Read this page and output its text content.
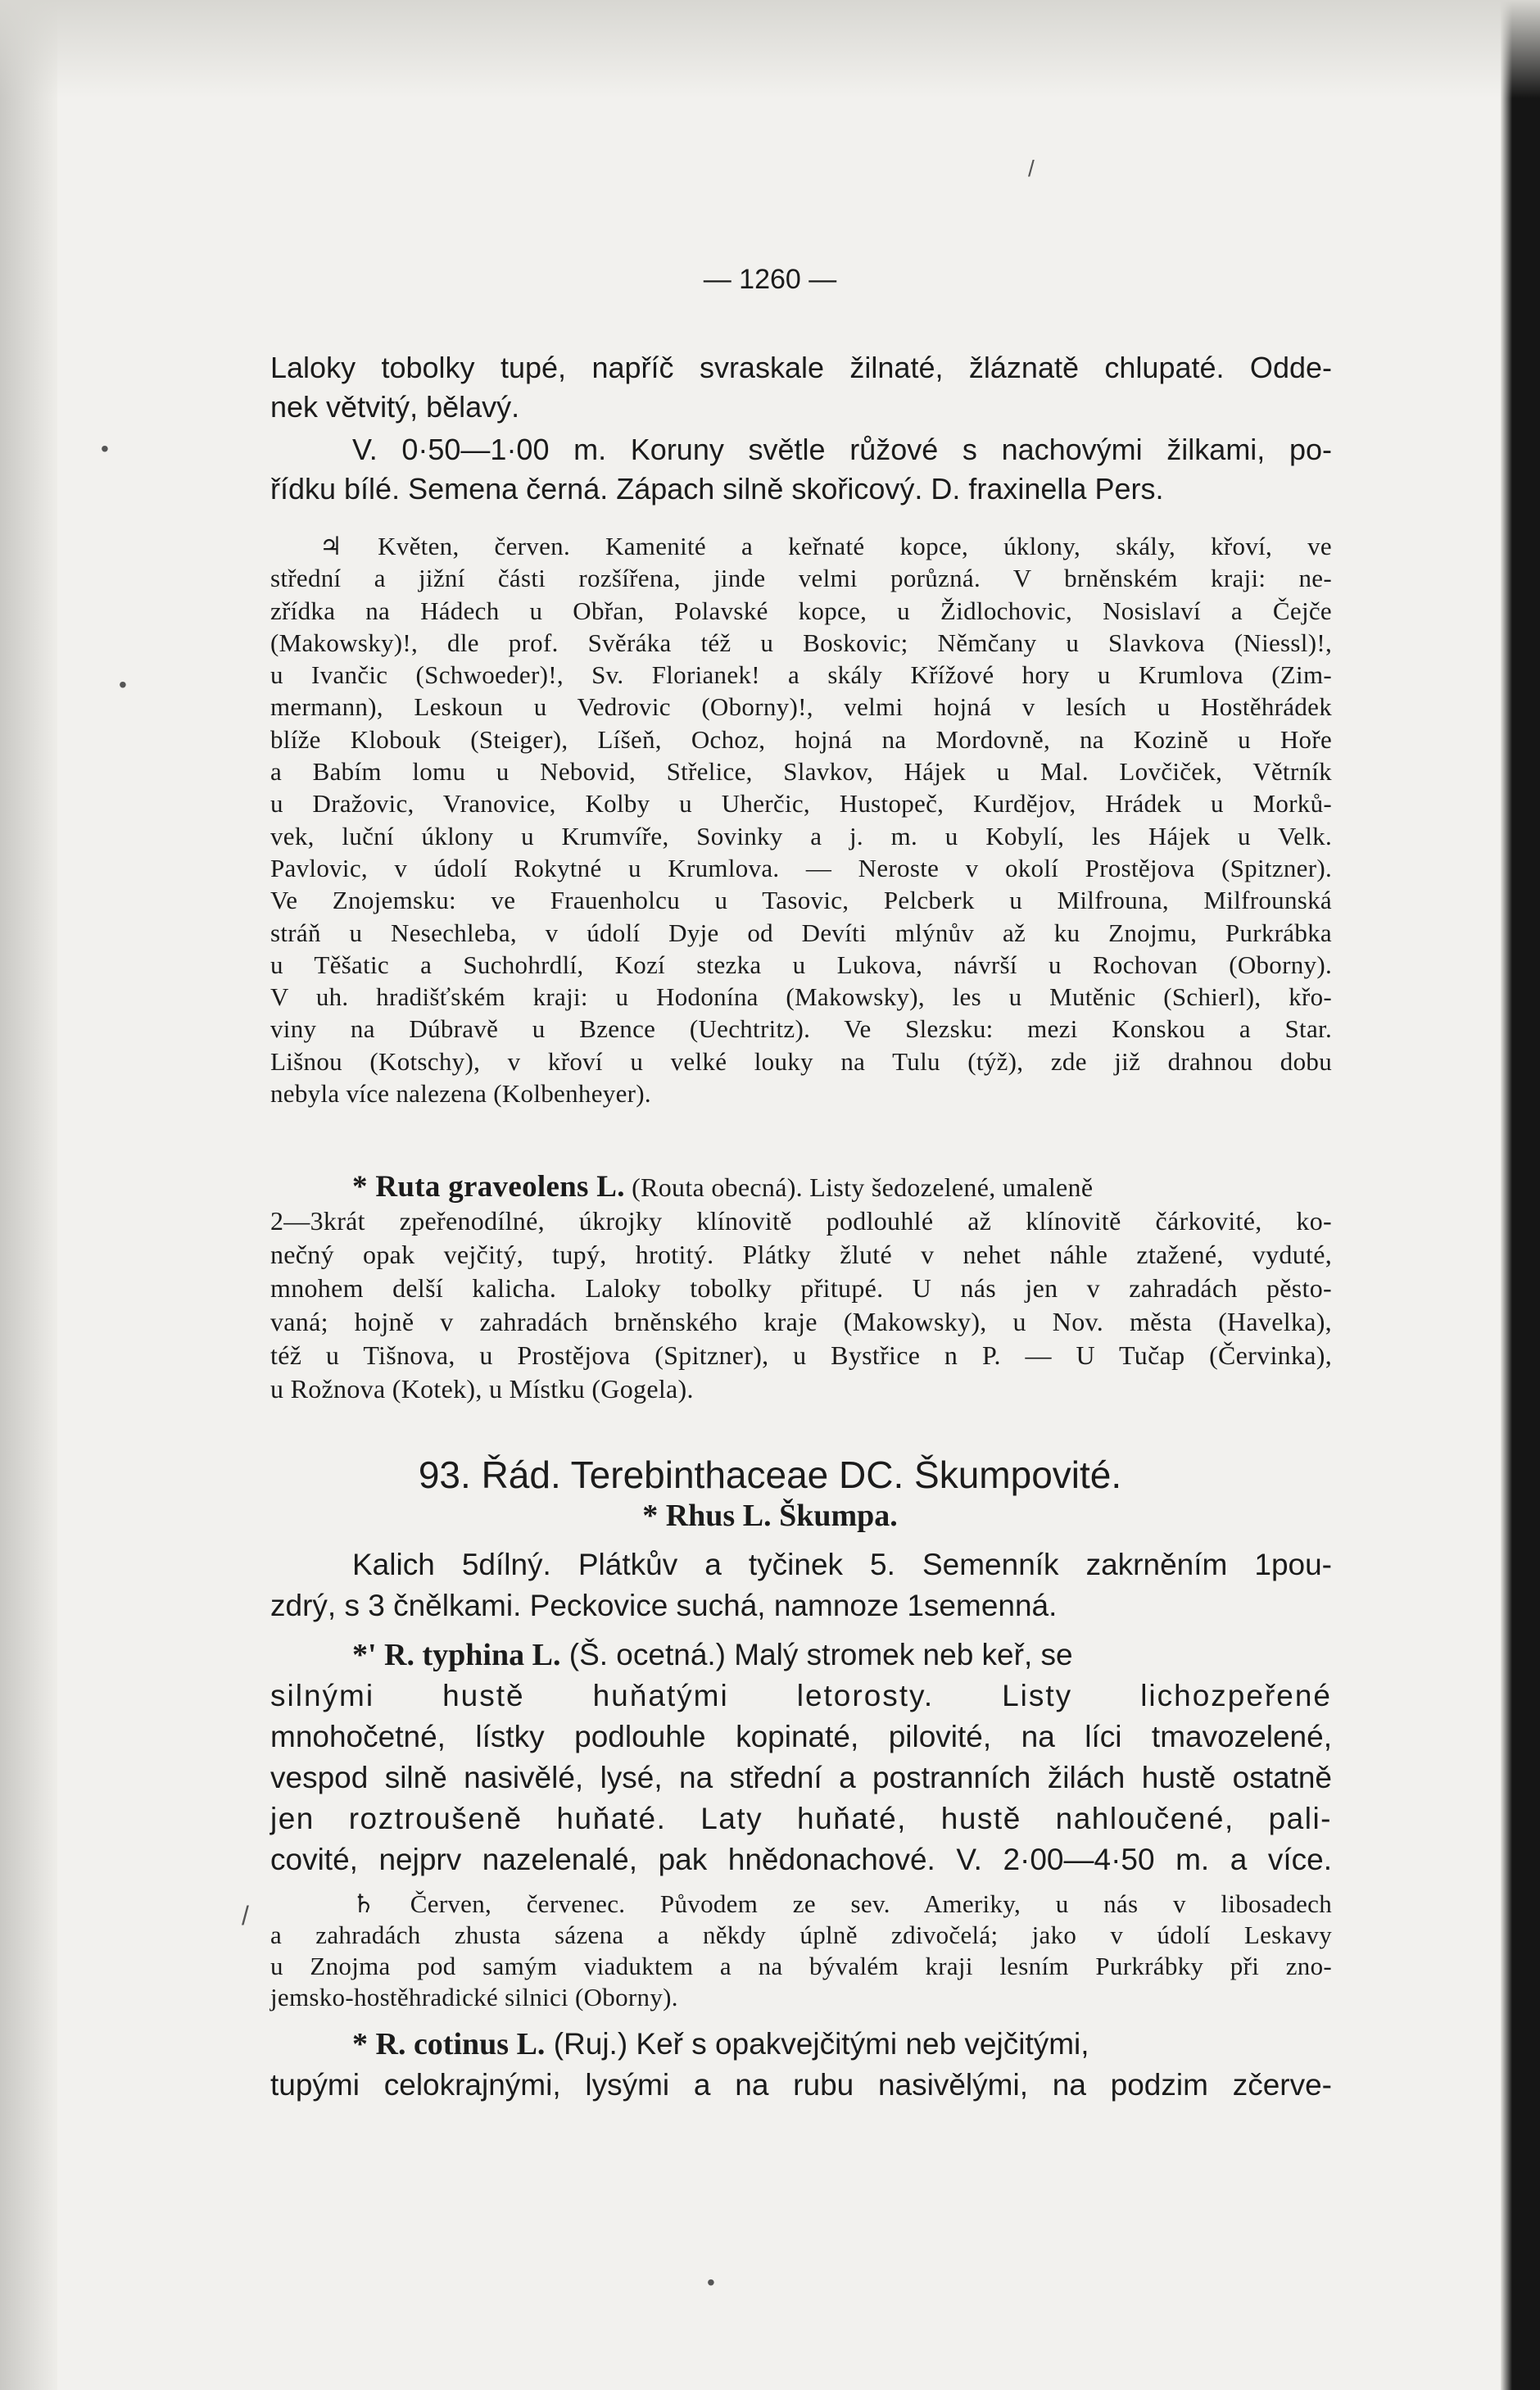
— 1260 —
Laloky tobolky tupé, napříč svraskale žilnaté, žláznatě chlupaté. Odde-
nek větvitý, bělavý.
V. 0·50—1·00 m. Koruny světle růžové s nachovými žilkami, po-
řídku bílé. Semena černá. Zápach silně skořicový. D. fraxinella Pers.
♃ Květen, červen. Kamenité a keřnaté kopce, úklony, skály, křoví, ve
střední a jižní části rozšířena, jinde velmi porůzná. V brněnském kraji: ne-
zřídka na Hádech u Obřan, Polavské kopce, u Židlochovic, Nosislaví a Čejče
(Makowsky)!, dle prof. Svěráka též u Boskovic; Němčany u Slavkova (Niessl)!,
u Ivančic (Schwoeder)!, Sv. Florianek! a skály Křížové hory u Krumlova (Zim-
mermann), Leskoun u Vedrovic (Oborny)!, velmi hojná v lesích u Hostěhrádek
blíže Klobouk (Steiger), Líšeň, Ochoz, hojná na Mordovně, na Kozině u Hoře
a Babím lomu u Nebovid, Střelice, Slavkov, Hájek u Mal. Lovčiček, Větrník
u Dražovic, Vranovice, Kolby u Uherčic, Hustopeč, Kurdějov, Hrádek u Morků-
vek, luční úklony u Krumvíře, Sovinky a j. m. u Kobylí, les Hájek u Velk.
Pavlovic, v údolí Rokytné u Krumlova. — Neroste v okolí Prostějova (Spitzner).
Ve Znojemsku: ve Frauenholcu u Tasovic, Pelcberk u Milfrouna, Milfrounská
stráň u Nesechleba, v údolí Dyje od Devíti mlýnův až ku Znojmu, Purkrábka
u Těšatic a Suchohrdlí, Kozí stezka u Lukova, návrší u Rochovan (Oborny).
V uh. hradišťském kraji: u Hodonína (Makowsky), les u Mutěnic (Schierl), křo-
viny na Dúbravě u Bzence (Uechtritz). Ve Slezsku: mezi Konskou a Star.
Lišnou (Kotschy), v křoví u velké louky na Tulu (týž), zde již drahnou dobu
nebyla více nalezena (Kolbenheyer).
* Ruta graveolens L. (Routa obecná). Listy šedozelené, umaleně
2—3krát zpeřenodílné, úkrojky klínovitě podlouhlé až klínovitě čárkovité, ko-
nečný opak vejčitý, tupý, hrotitý. Plátky žluté v nehet náhle ztažené, vyduté,
mnohem delší kalicha. Laloky tobolky přitupé. U nás jen v zahradách pěsto-
vaná; hojně v zahradách brněnského kraje (Makowsky), u Nov. města (Havelka),
též u Tišnova, u Prostějova (Spitzner), u Bystřice n P. — U Tučap (Červinka),
u Rožnova (Kotek), u Místku (Gogela).
93. Řád. Terebinthaceae DC. Škumpovité.
* Rhus L. Škumpa.
Kalich 5dílný. Plátkův a tyčinek 5. Semenník zakrněním 1pou-
zdrý, s 3 čnělkami. Peckovice suchá, namnoze 1semenná.
*' R. typhina L. (Š. ocetná.) Malý stromek neb keř, se
silnými hustě huňatými letorosty. Listy lichozpeřené
mnohočetné, lístky podlouhle kopinaté, pilovité, na líci tmavozelené,
vespod silně nasivělé, lysé, na střední a postranních žilách hustě ostatně
jen roztroušeně huňaté. Laty huňaté, hustě nahloučené, pali-
covité, nejprv nazelenalé, pak hnědonachové. V. 2·00—4·50 m. a více.
♄ Červen, červenec. Původem ze sev. Ameriky, u nás v libosadech
a zahradách zhusta sázena a někdy úplně zdivočelá; jako v údolí Leskavy
u Znojma pod samým viaduktem a na bývalém kraji lesním Purkrábky při zno-
jemsko-hostěhradické silnici (Oborny).
* R. cotinus L. (Ruj.) Keř s opakvejčitými neb vejčitými,
tupými celokrajnými, lysými a na rubu nasivělými, na podzim zčerve-
/
•
•
/
•
